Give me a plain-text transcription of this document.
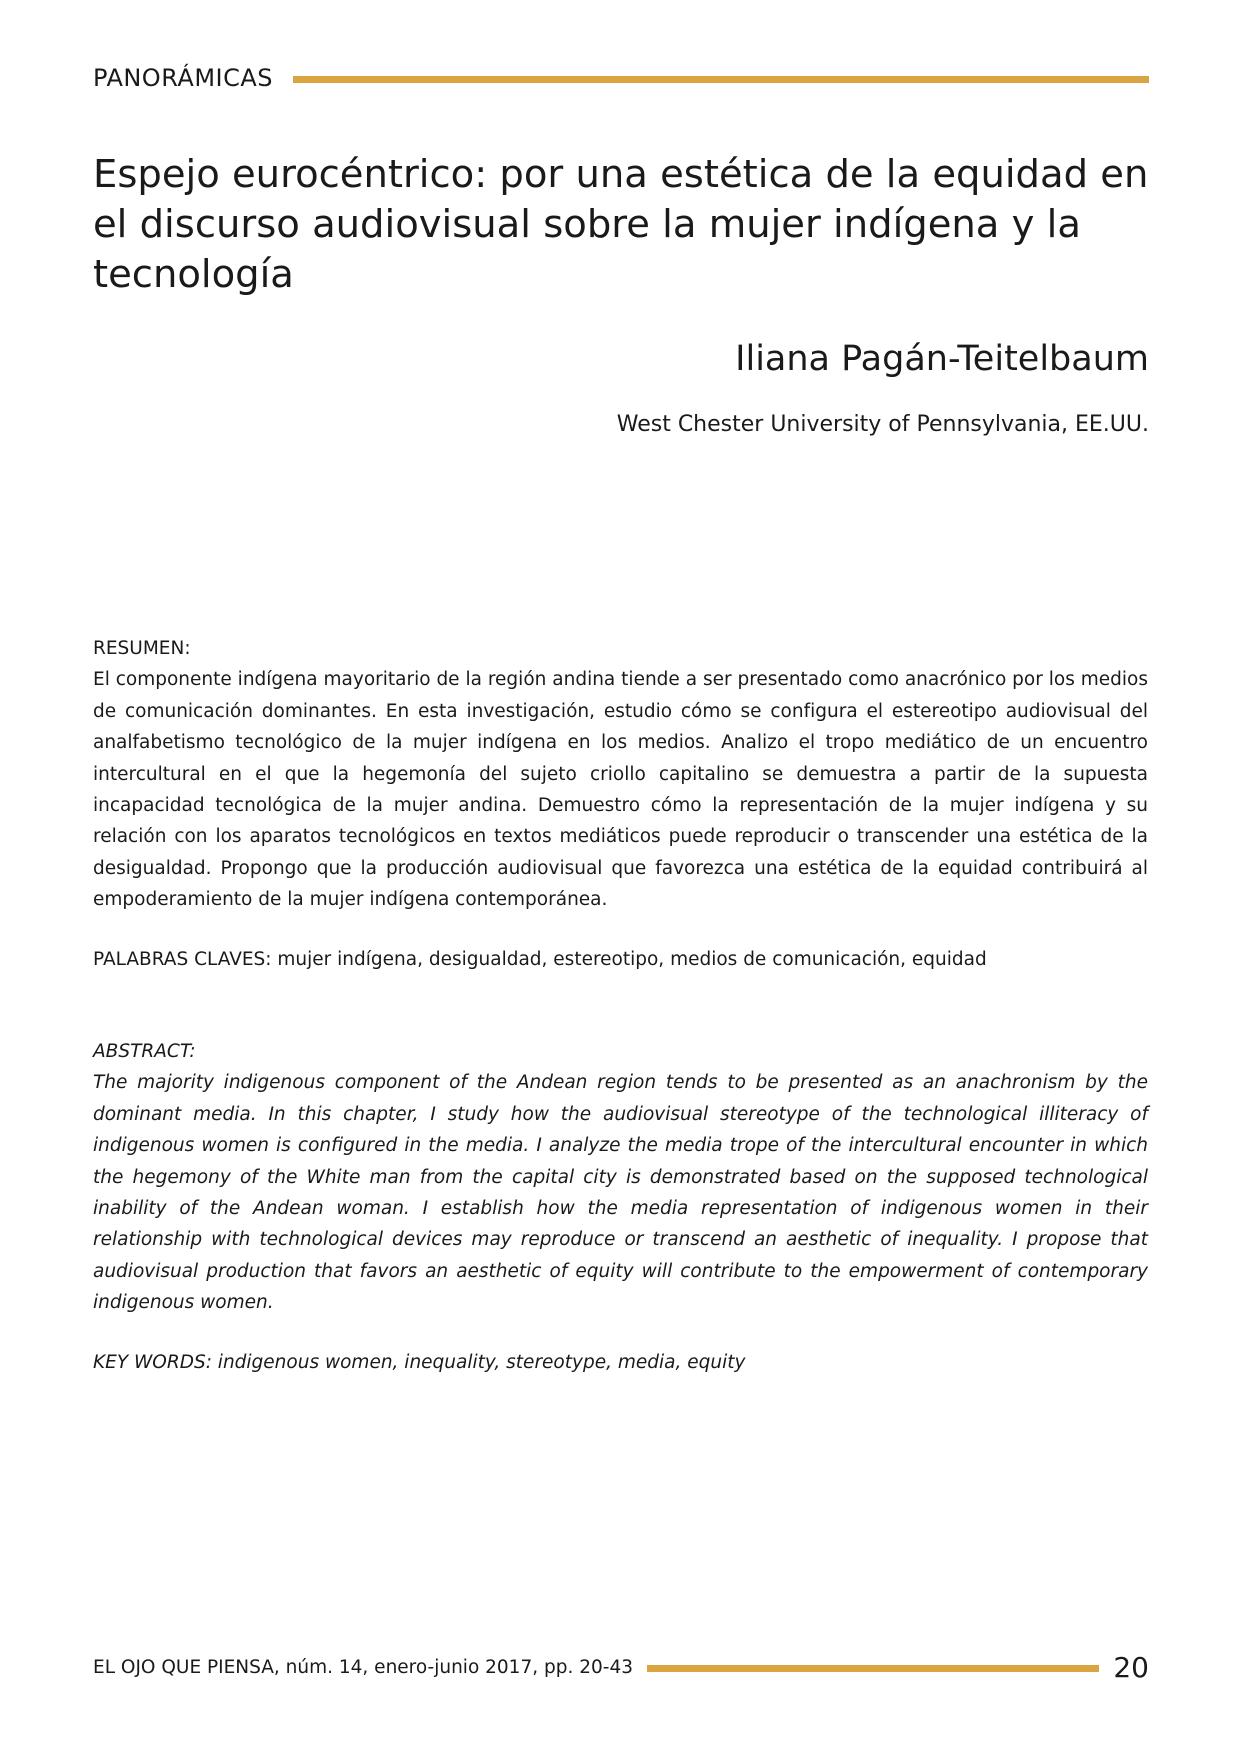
PANORÁMICAS
Espejo eurocéntrico: por una estética de la equidad en el discurso audiovisual sobre la mujer indígena y la tecnología
Iliana Pagán-Teitelbaum
West Chester University of Pennsylvania, EE.UU.
RESUMEN:

El componente indígena mayoritario de la región andina tiende a ser presentado como anacrónico por los medios de comunicación dominantes. En esta investigación, estudio cómo se configura el estereotipo audiovisual del analfabetismo tecnológico de la mujer indígena en los medios. Analizo el tropo mediático de un encuentro intercultural en el que la hegemonía del sujeto criollo capitalino se demuestra a partir de la supuesta incapacidad tecnológica de la mujer andina. Demuestro cómo la representación de la mujer indígena y su relación con los aparatos tecnológicos en textos mediáticos puede reproducir o transcender una estética de la desigualdad. Propongo que la producción audiovisual que favorezca una estética de la equidad contribuirá al empoderamiento de la mujer indígena contemporánea.

PALABRAS CLAVES: mujer indígena, desigualdad, estereotipo, medios de comunicación, equidad

ABSTRACT:

The majority indigenous component of the Andean region tends to be presented as an anachronism by the dominant media. In this chapter, I study how the audiovisual stereotype of the technological illiteracy of indigenous women is configured in the media. I analyze the media trope of the intercultural encounter in which the hegemony of the White man from the capital city is demonstrated based on the supposed technological inability of the Andean woman. I establish how the media representation of indigenous women in their relationship with technological devices may reproduce or transcend an aesthetic of inequality. I propose that audiovisual production that favors an aesthetic of equity will contribute to the empowerment of contemporary indigenous women.

KEY WORDS: indigenous women, inequality, stereotype, media, equity

EL OJO QUE PIENSA, núm. 14, enero-junio 2017, pp. 20-43	20
